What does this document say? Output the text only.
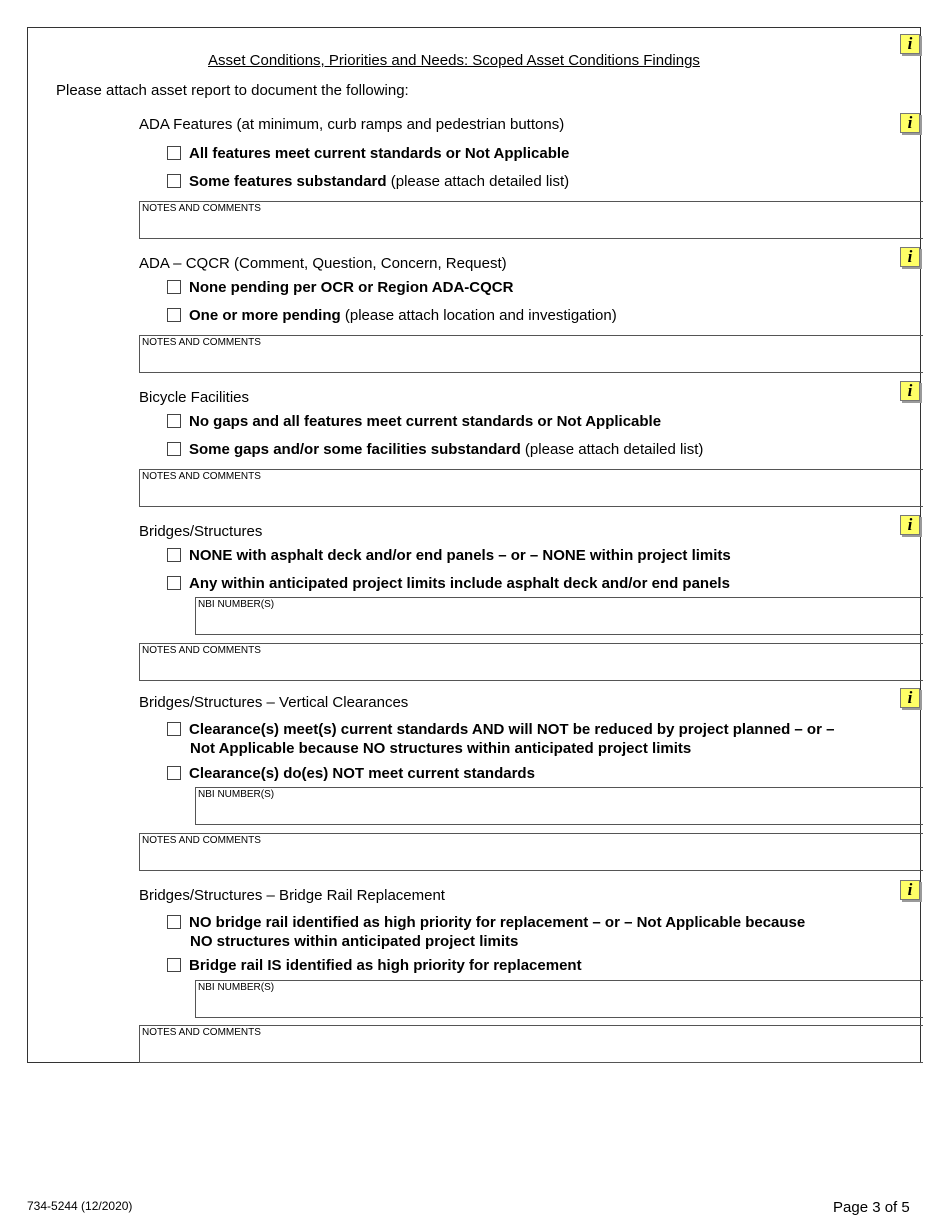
Asset Conditions, Priorities and Needs: Scoped Asset Conditions Findings
i
Please attach asset report to document the following:
ADA Features (at minimum, curb ramps and pedestrian buttons)	i
All features meet current standards or Not Applicable
Some features substandard (please attach detailed list)
NOTES AND COMMENTS
ADA – CQCR (Comment, Question, Concern, Request)	i
None pending per OCR or Region ADA-CQCR
One or more pending (please attach location and investigation)
NOTES AND COMMENTS
Bicycle Facilities	i
No gaps and all features meet current standards or Not Applicable
Some gaps and/or some facilities substandard (please attach detailed list)
NOTES AND COMMENTS
Bridges/Structures	i
NONE with asphalt deck and/or end panels – or – NONE within project limits
Any within anticipated project limits include asphalt deck and/or end panels
NBI NUMBER(S)
NOTES AND COMMENTS
Bridges/Structures – Vertical Clearances	i
Clearance(s) meet(s) current standards AND will NOT be reduced by project planned – or –
Not Applicable because NO structures within anticipated project limits
Clearance(s) do(es) NOT meet current standards
NBI NUMBER(S)
NOTES AND COMMENTS
Bridges/Structures – Bridge Rail Replacement	i
NO bridge rail identified as high priority for replacement – or – Not Applicable because
NO structures within anticipated project limits
Bridge rail IS identified as high priority for replacement
NBI NUMBER(S)
NOTES AND COMMENTS
734-5244 (12/2020)	Page 3 of 5
